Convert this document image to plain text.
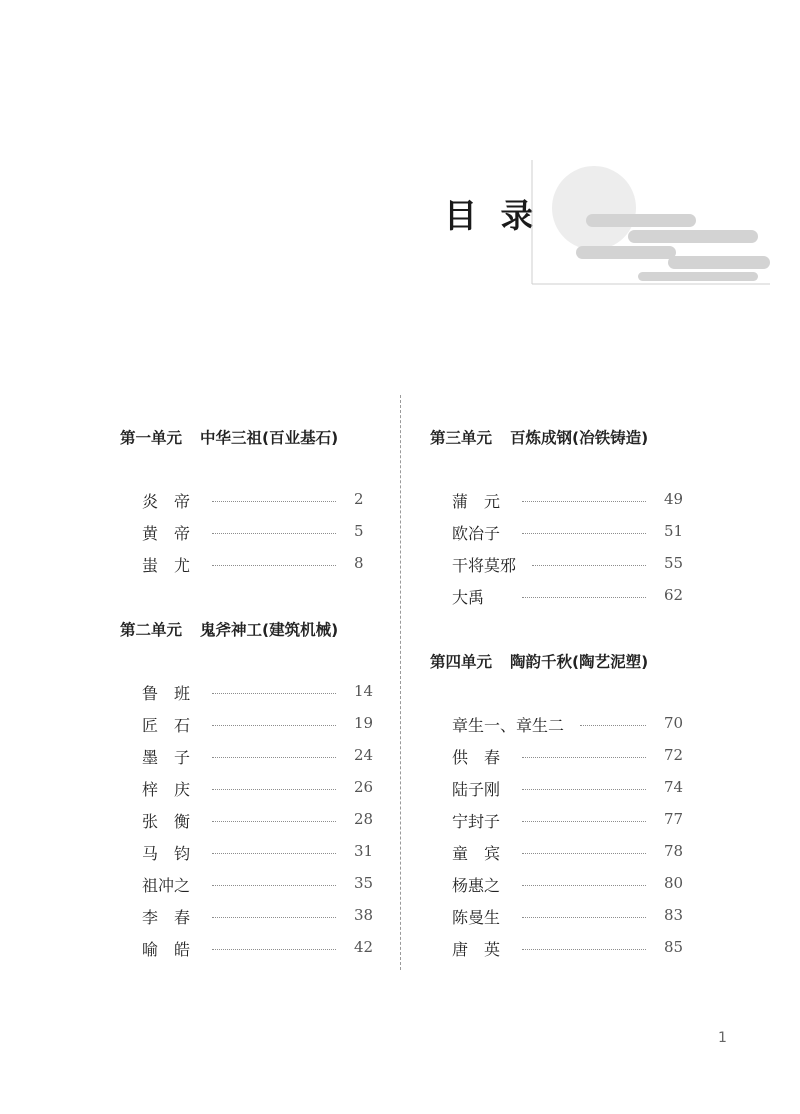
目 录
第一单元 中华三祖(百业基石)
炎　帝	2
黄　帝	5
蚩　尤	8
第二单元 鬼斧神工(建筑机械)
鲁　班	14
匠　石	19
墨　子	24
梓　庆	26
张　衡	28
马　钧	31
祖冲之	35
李　春	38
喻　皓	42
第三单元 百炼成钢(冶铁铸造)
蒲　元	49
欧冶子	51
干将莫邪	55
大禹	62
第四单元 陶韵千秋(陶艺泥塑)
章生一、章生二	70
供　春	72
陆子刚	74
宁封子	77
童　宾	78
杨惠之	80
陈曼生	83
唐　英	85
1
